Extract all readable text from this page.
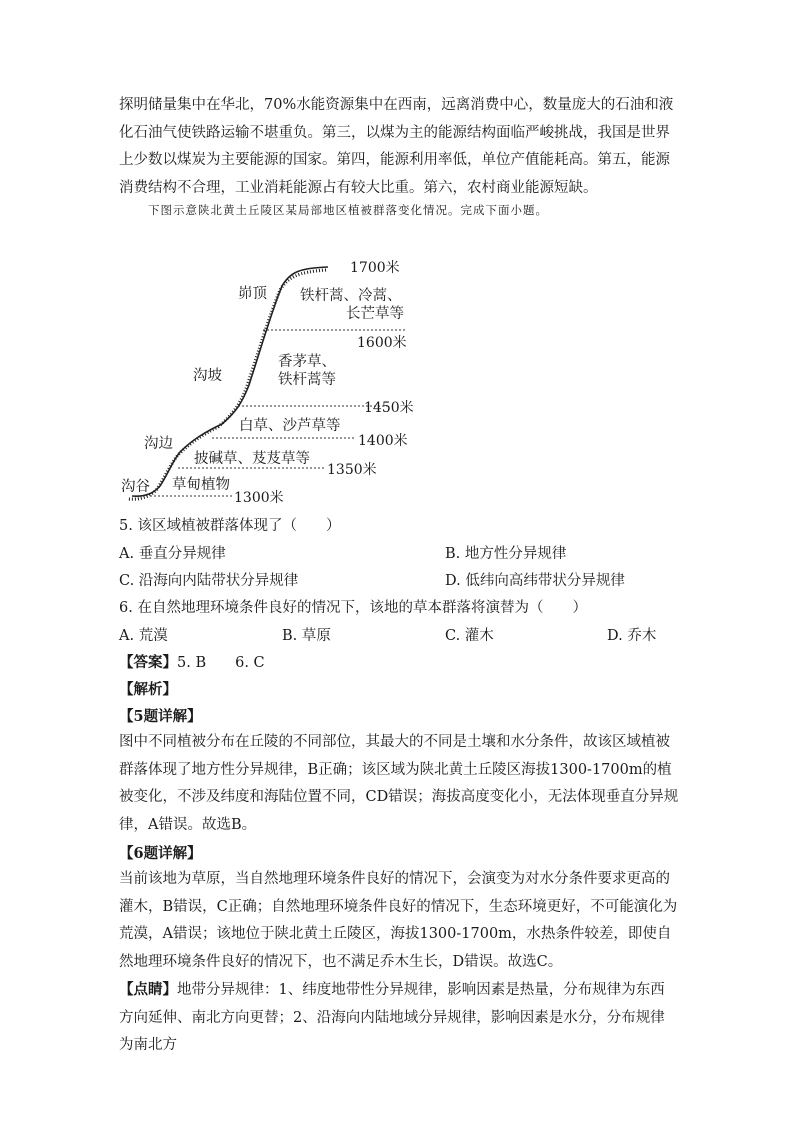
探明储量集中在华北，70%水能资源集中在西南，远离消费中心，数量庞大的石油和液化石油气使铁路运输不堪重负。第三，以煤为主的能源结构面临严峻挑战，我国是世界上少数以煤炭为主要能源的国家。第四，能源利用率低，单位产值能耗高。第五，能源消费结构不合理，工业消耗能源占有较大比重。第六，农村商业能源短缺。

下图示意陕北黄土丘陵区某局部地区植被群落变化情况。完成下面小题。
1700米
1600米
1450米
1400米
1350米
1300米
峁顶
沟坡
沟边
沟谷
铁杆蒿、冷蒿、
长芒草等
香茅草、
铁杆蒿等
白草、沙芦草等
披碱草、芨芨草等
草甸植物
5. 该区域植被群落体现了（　　）
A. 垂直分异规律	B. 地方性分异规律
C. 沿海向内陆带状分异规律	D. 低纬向高纬带状分异规律
6. 在自然地理环境条件良好的情况下，该地的草本群落将演替为（　　）
A. 荒漠	B. 草原	C. 灌木	D. 乔木
【答案】5. B　　6. C
【解析】
【5题详解】

图中不同植被分布在丘陵的不同部位，其最大的不同是土壤和水分条件，故该区域植被群落体现了地方性分异规律，B正确；该区域为陕北黄土丘陵区海拔1300-1700m的植被变化，不涉及纬度和海陆位置不同，CD错误；海拔高度变化小，无法体现垂直分异规律，A错误。故选B。

【6题详解】

当前该地为草原，当自然地理环境条件良好的情况下，会演变为对水分条件要求更高的灌木，B错误，C正确；自然地理环境条件良好的情况下，生态环境更好，不可能演化为荒漠，A错误；该地位于陕北黄土丘陵区，海拔1300-1700m，水热条件较差，即使自然地理环境条件良好的情况下，也不满足乔木生长，D错误。故选C。

【点睛】地带分异规律：1、纬度地带性分异规律，影响因素是热量，分布规律为东西方向延伸、南北方向更替；2、沿海向内陆地域分异规律，影响因素是水分，分布规律为南北方
